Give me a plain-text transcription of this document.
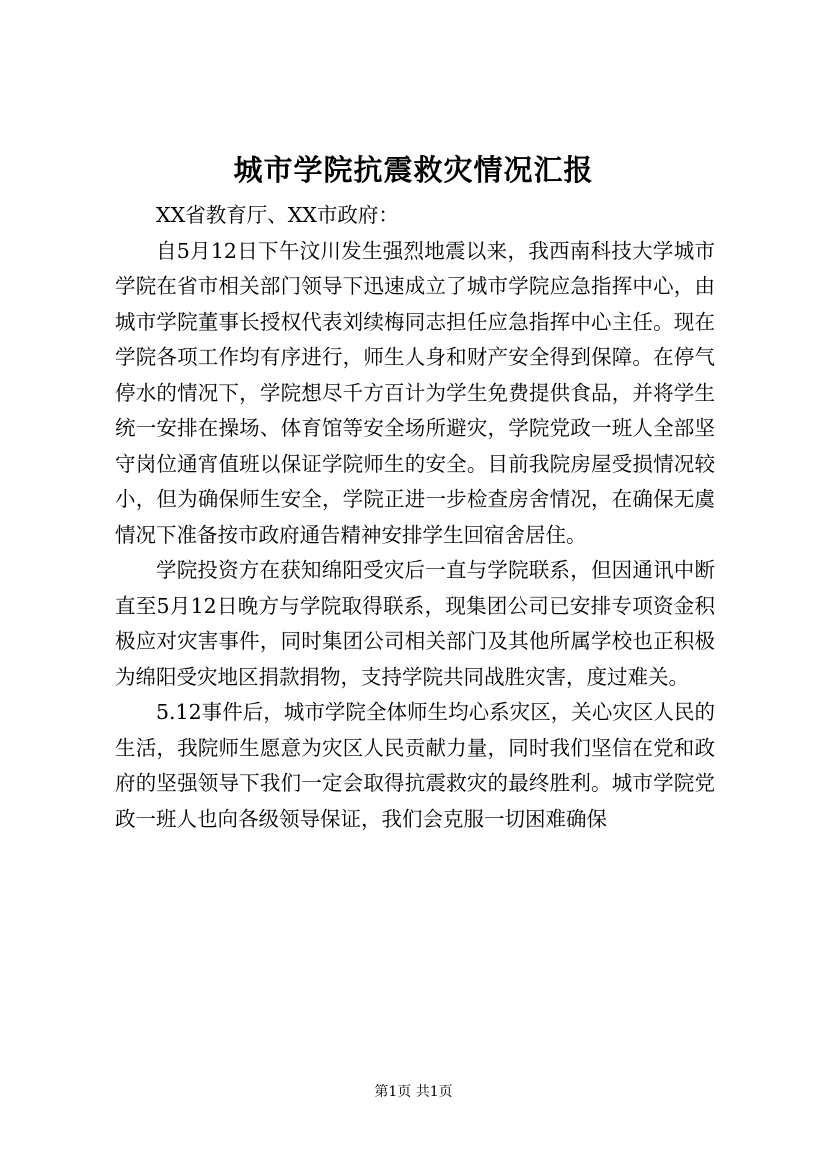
城市学院抗震救灾情况汇报

XX省教育厅、XX市政府：

自5月12日下午汶川发生强烈地震以来，我西南科技大学城市学院在省市相关部门领导下迅速成立了城市学院应急指挥中心，由城市学院董事长授权代表刘续梅同志担任应急指挥中心主任。现在学院各项工作均有序进行，师生人身和财产安全得到保障。在停气停水的情况下，学院想尽千方百计为学生免费提供食品，并将学生统一安排在操场、体育馆等安全场所避灾，学院党政一班人全部坚守岗位通宵值班以保证学院师生的安全。目前我院房屋受损情况较小，但为确保师生安全，学院正进一步检查房舍情况，在确保无虞情况下准备按市政府通告精神安排学生回宿舍居住。

学院投资方在获知绵阳受灾后一直与学院联系，但因通讯中断直至5月12日晚方与学院取得联系，现集团公司已安排专项资金积极应对灾害事件，同时集团公司相关部门及其他所属学校也正积极为绵阳受灾地区捐款捐物，支持学院共同战胜灾害，度过难关。

5.12事件后，城市学院全体师生均心系灾区，关心灾区人民的生活，我院师生愿意为灾区人民贡献力量，同时我们坚信在党和政府的坚强领导下我们一定会取得抗震救灾的最终胜利。城市学院党政一班人也向各级领导保证，我们会克服一切困难确保

第1页 共1页
